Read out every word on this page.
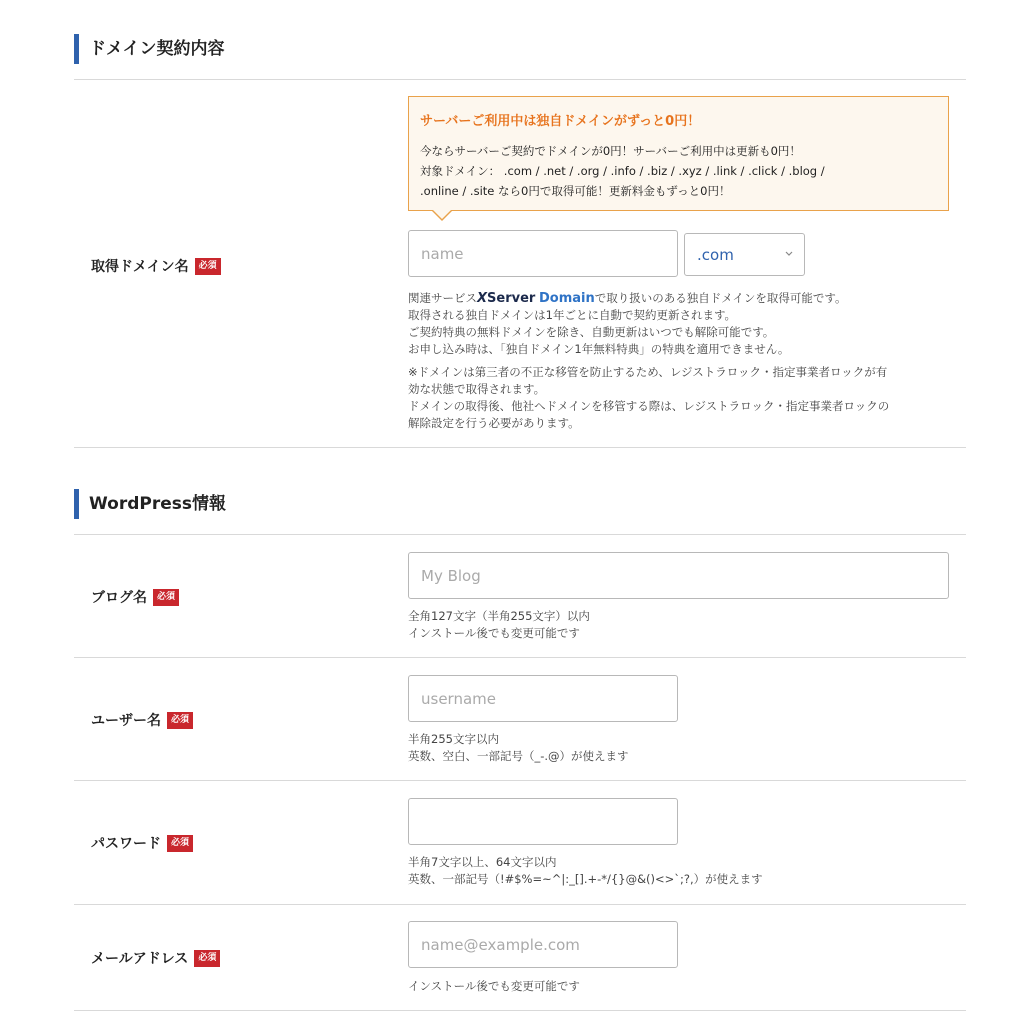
ドメイン契約内容
取得ドメイン名	必須
サーバーご利用中は独自ドメインがずっと0円！
今ならサーバーご契約でドメインが0円！サーバーご利用中は更新も0円！
対象ドメイン： .com / .net / .org / .info / .biz / .xyz / .link / .click / .blog /
.online / .site なら0円で取得可能！更新料金もずっと0円！
name
.com
関連サービスXServer Domainで取り扱いのある独自ドメインを取得可能です。
取得される独自ドメインは1年ごとに自動で契約更新されます。
ご契約特典の無料ドメインを除き、自動更新はいつでも解除可能です。
お申し込み時は、「独自ドメイン1年無料特典」の特典を適用できません。
※ドメインは第三者の不正な移管を防止するため、レジストラロック・指定事業者ロックが有
効な状態で取得されます。
ドメインの取得後、他社へドメインを移管する際は、レジストラロック・指定事業者ロックの
解除設定を行う必要があります。
WordPress情報
ブログ名	必須
My Blog
全角127文字（半角255文字）以内
インストール後でも変更可能です
ユーザー名	必須
username
半角255文字以内
英数、空白、一部記号（_-.@）が使えます
パスワード	必須
半角7文字以上、64文字以内
英数、一部記号（!#$%=~^|:_[].+-*/{}@&()<>`;?,）が使えます
メールアドレス	必須
name@example.com
インストール後でも変更可能です
